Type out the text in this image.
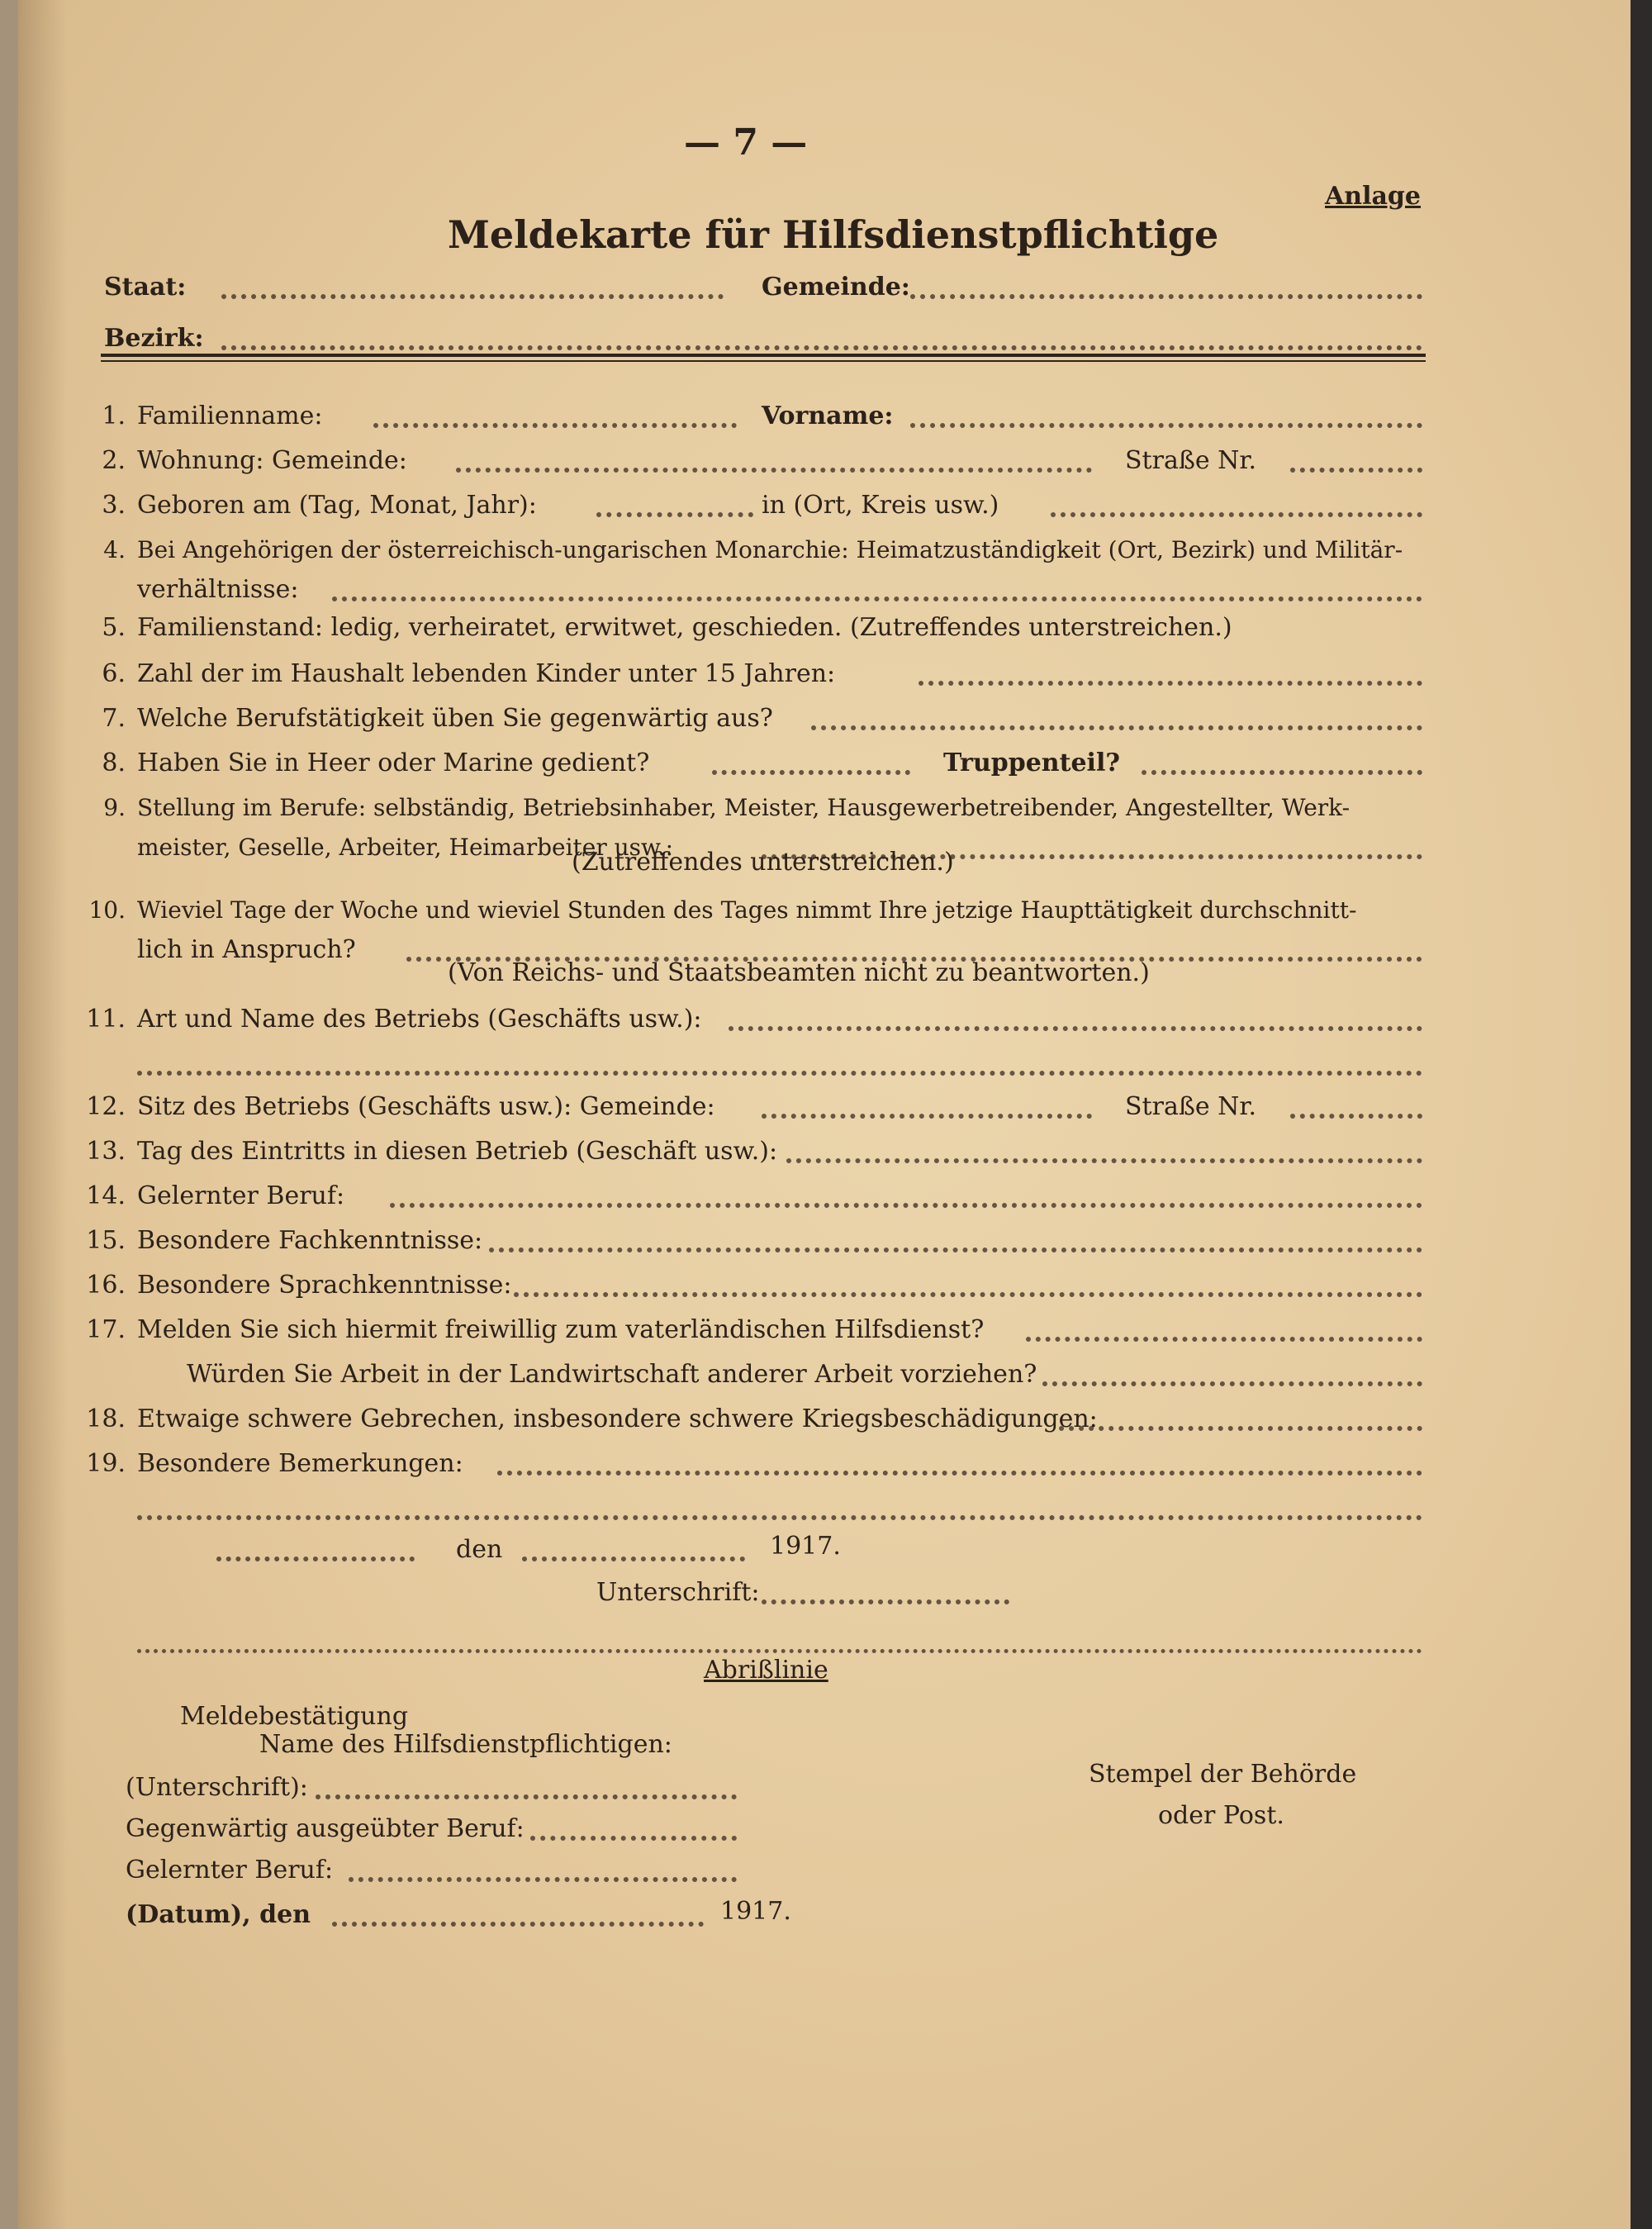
— 7 —
Anlage
Meldekarte für Hilfsdienstpflichtige
Staat:	Gemeinde:
Bezirk:
1. Familienname:	Vorname:
2. Wohnung: Gemeinde:	Straße Nr.
3. Geboren am (Tag, Monat, Jahr):	in (Ort, Kreis usw.)
4. Bei Angehörigen der österreichisch-ungarischen Monarchie: Heimatzuständigkeit (Ort, Bezirk) und Militär-
verhältnisse:
5. Familienstand: ledig, verheiratet, erwitwet, geschieden. (Zutreffendes unterstreichen.)
6. Zahl der im Haushalt lebenden Kinder unter 15 Jahren:
7. Welche Berufstätigkeit üben Sie gegenwärtig aus?
8. Haben Sie in Heer oder Marine gedient?	Truppenteil?
9. Stellung im Berufe: selbständig, Betriebsinhaber, Meister, Hausgewerbetreibender, Angestellter, Werk-
meister, Geselle, Arbeiter, Heimarbeiter usw.:
(Zutreffendes unterstreichen.)
10. Wieviel Tage der Woche und wieviel Stunden des Tages nimmt Ihre jetzige Haupttätigkeit durchschnitt-
lich in Anspruch?
(Von Reichs- und Staatsbeamten nicht zu beantworten.)
11. Art und Name des Betriebs (Geschäfts usw.):
12. Sitz des Betriebs (Geschäfts usw.): Gemeinde:	Straße Nr.
13. Tag des Eintritts in diesen Betrieb (Geschäft usw.):
14. Gelernter Beruf:
15. Besondere Fachkenntnisse:
16. Besondere Sprachkenntnisse:
17. Melden Sie sich hiermit freiwillig zum vaterländischen Hilfsdienst?
Würden Sie Arbeit in der Landwirtschaft anderer Arbeit vorziehen?
18. Etwaige schwere Gebrechen, insbesondere schwere Kriegsbeschädigungen:
19. Besondere Bemerkungen:
den	1917.
Unterschrift:
Abrißlinie
Meldebestätigung
Name des Hilfsdienstpflichtigen:
(Unterschrift):
Gegenwärtig ausgeübter Beruf:
Gelernter Beruf:
(Datum), den	1917.
Stempel der Behörde
oder Post.
